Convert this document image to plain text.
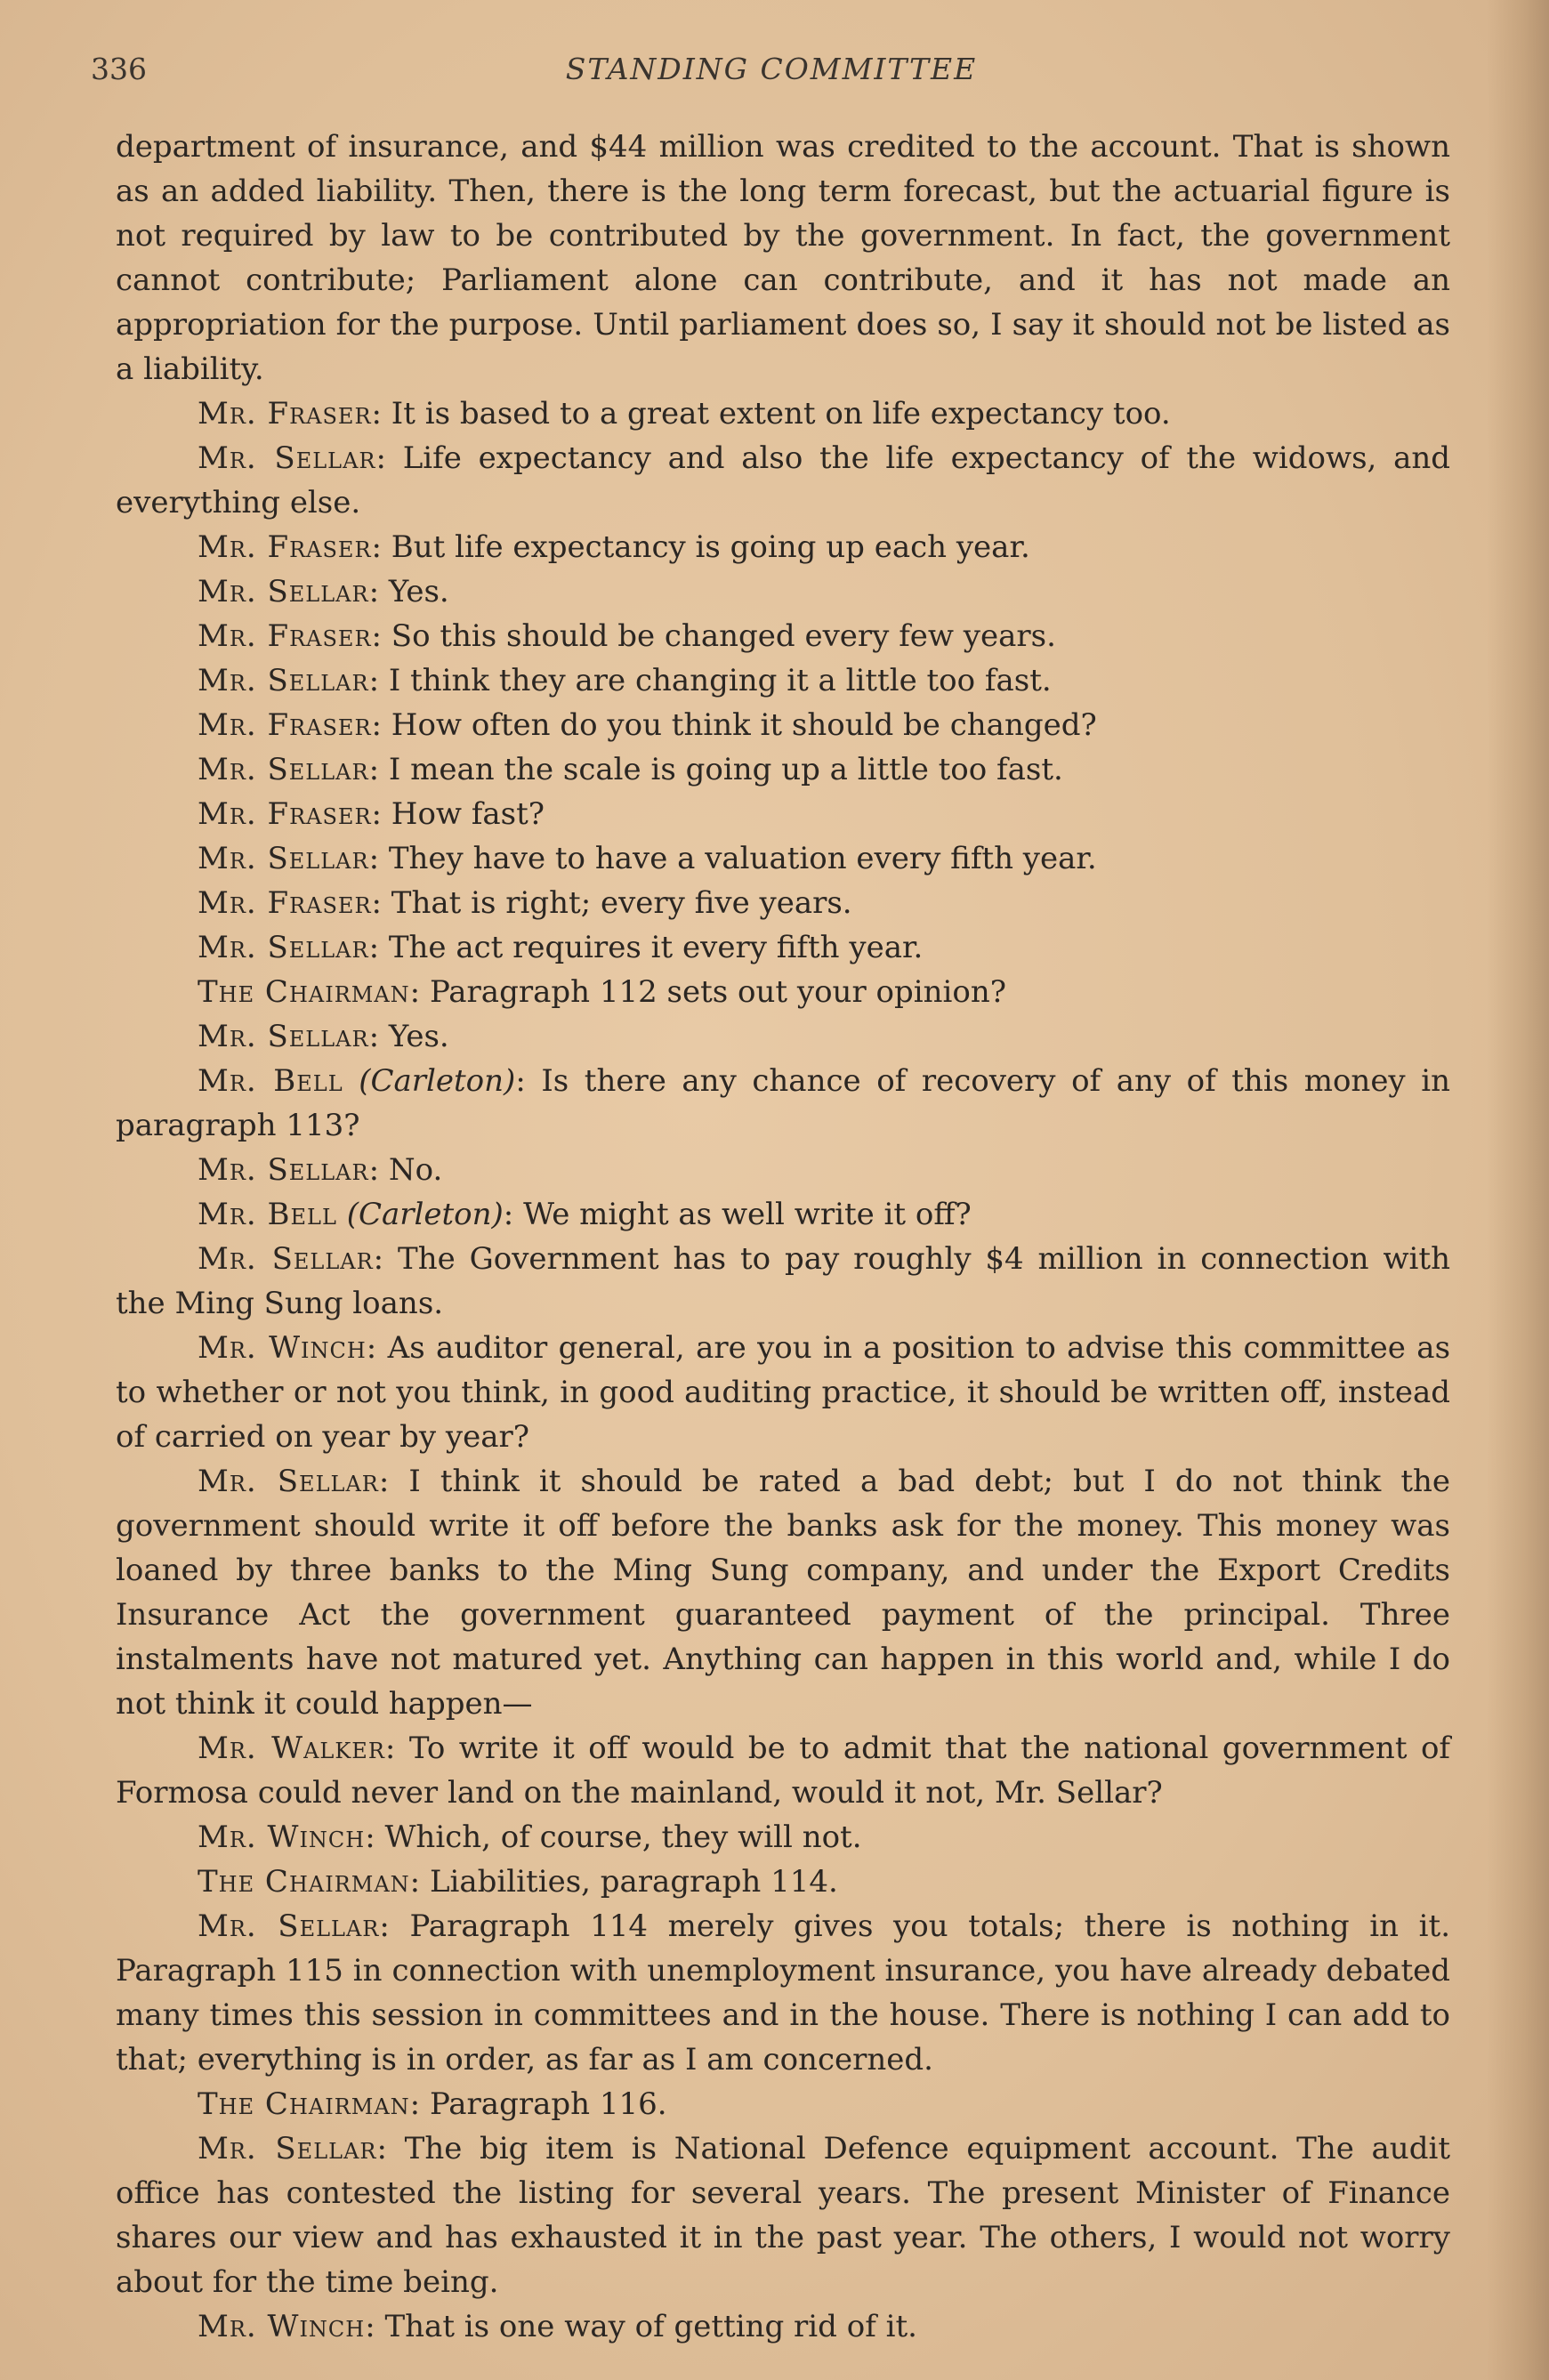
336	STANDING COMMITTEE

department of insurance, and $44 million was credited to the account. That is shown as an added liability. Then, there is the long term forecast, but the actuarial figure is not required by law to be contributed by the government. In fact, the government cannot contribute; Parliament alone can contribute, and it has not made an appropriation for the purpose. Until parliament does so, I say it should not be listed as a liability.

Mr. Fraser: It is based to a great extent on life expectancy too.

Mr. Sellar: Life expectancy and also the life expectancy of the widows, and everything else.

Mr. Fraser: But life expectancy is going up each year.

Mr. Sellar: Yes.

Mr. Fraser: So this should be changed every few years.

Mr. Sellar: I think they are changing it a little too fast.

Mr. Fraser: How often do you think it should be changed?

Mr. Sellar: I mean the scale is going up a little too fast.

Mr. Fraser: How fast?

Mr. Sellar: They have to have a valuation every fifth year.

Mr. Fraser: That is right; every five years.

Mr. Sellar: The act requires it every fifth year.

The Chairman: Paragraph 112 sets out your opinion?

Mr. Sellar: Yes.

Mr. Bell (Carleton): Is there any chance of recovery of any of this money in paragraph 113?

Mr. Sellar: No.

Mr. Bell (Carleton): We might as well write it off?

Mr. Sellar: The Government has to pay roughly $4 million in connection with the Ming Sung loans.

Mr. Winch: As auditor general, are you in a position to advise this committee as to whether or not you think, in good auditing practice, it should be written off, instead of carried on year by year?

Mr. Sellar: I think it should be rated a bad debt; but I do not think the government should write it off before the banks ask for the money. This money was loaned by three banks to the Ming Sung company, and under the Export Credits Insurance Act the government guaranteed payment of the principal. Three instalments have not matured yet. Anything can happen in this world and, while I do not think it could happen—

Mr. Walker: To write it off would be to admit that the national government of Formosa could never land on the mainland, would it not, Mr. Sellar?

Mr. Winch: Which, of course, they will not.

The Chairman: Liabilities, paragraph 114.

Mr. Sellar: Paragraph 114 merely gives you totals; there is nothing in it. Paragraph 115 in connection with unemployment insurance, you have already debated many times this session in committees and in the house. There is nothing I can add to that; everything is in order, as far as I am concerned.

The Chairman: Paragraph 116.

Mr. Sellar: The big item is National Defence equipment account. The audit office has contested the listing for several years. The present Minister of Finance shares our view and has exhausted it in the past year. The others, I would not worry about for the time being.

Mr. Winch: That is one way of getting rid of it.
